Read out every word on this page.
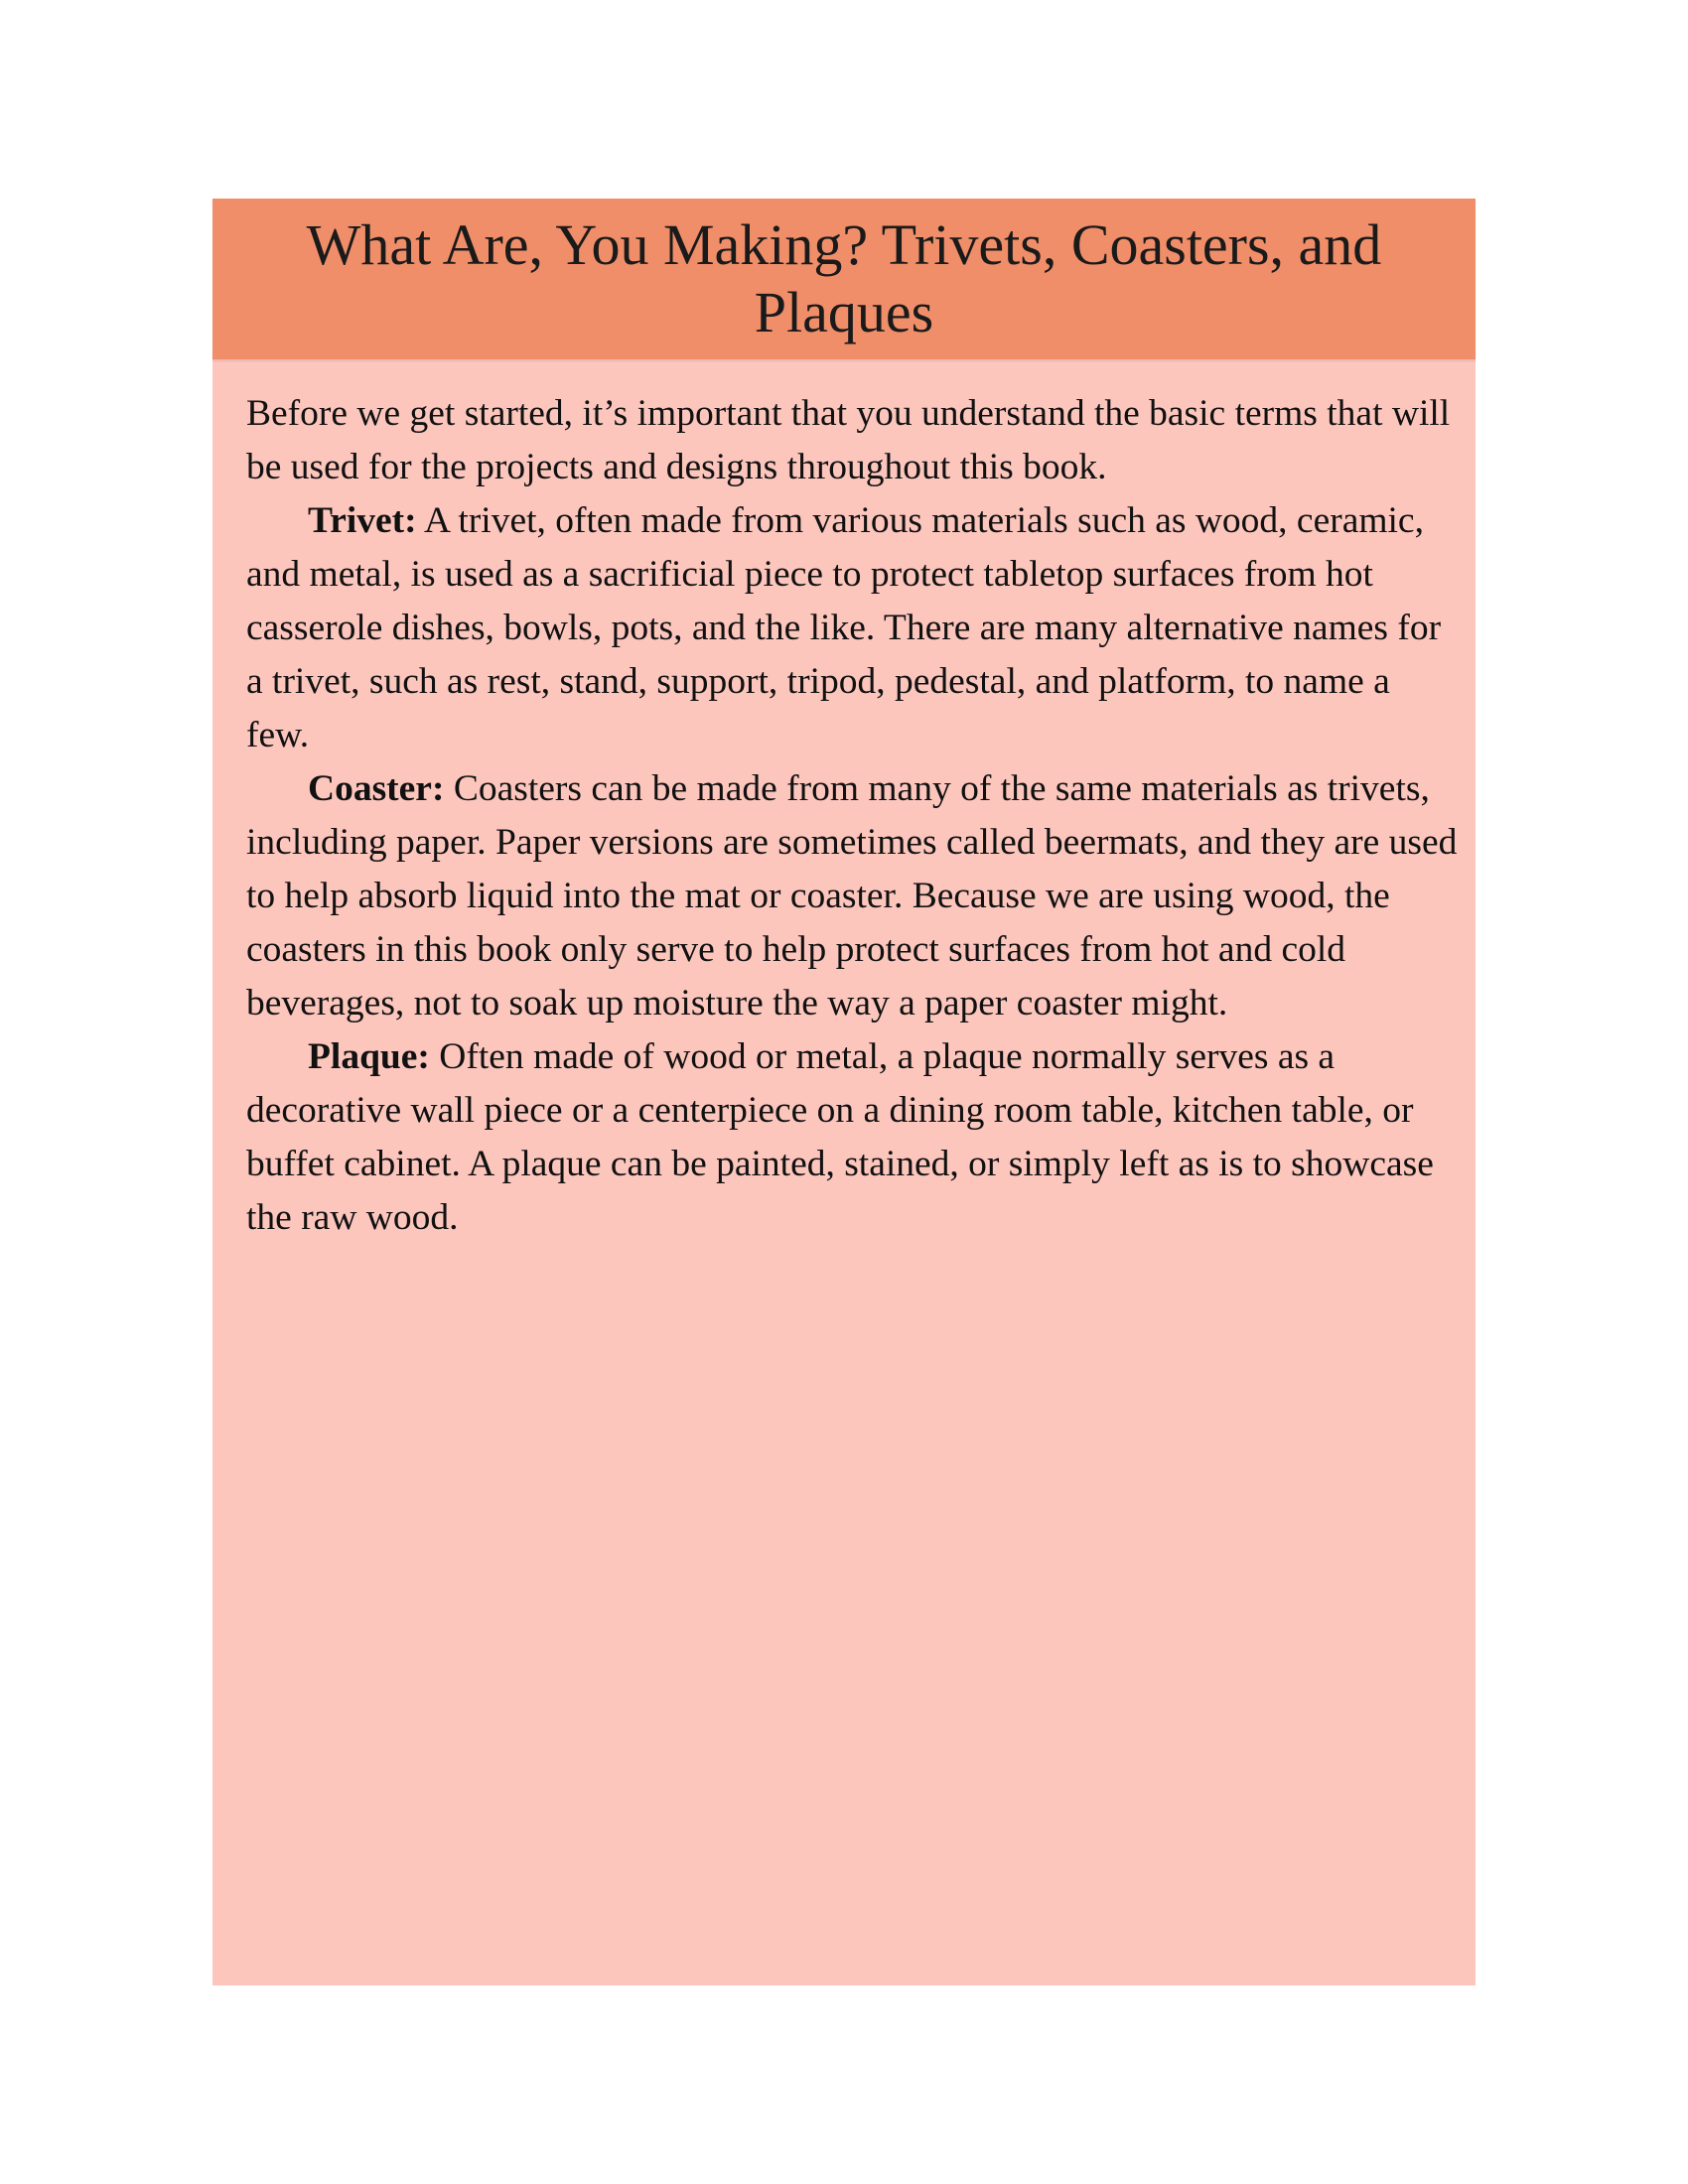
What Are, You Making? Trivets, Coasters, and Plaques

Before we get started, it’s important that you understand the basic terms that will be used for the projects and designs throughout this book.

Trivet: A trivet, often made from various materials such as wood, ceramic, and metal, is used as a sacrificial piece to protect tabletop surfaces from hot casserole dishes, bowls, pots, and the like. There are many alternative names for a trivet, such as rest, stand, support, tripod, pedestal, and platform, to name a few.

Coaster: Coasters can be made from many of the same materials as trivets, including paper. Paper versions are sometimes called beermats, and they are used to help absorb liquid into the mat or coaster. Because we are using wood, the coasters in this book only serve to help protect surfaces from hot and cold beverages, not to soak up moisture the way a paper coaster might.

Plaque: Often made of wood or metal, a plaque normally serves as a decorative wall piece or a centerpiece on a dining room table, kitchen table, or buffet cabinet. A plaque can be painted, stained, or simply left as is to showcase the raw wood.
